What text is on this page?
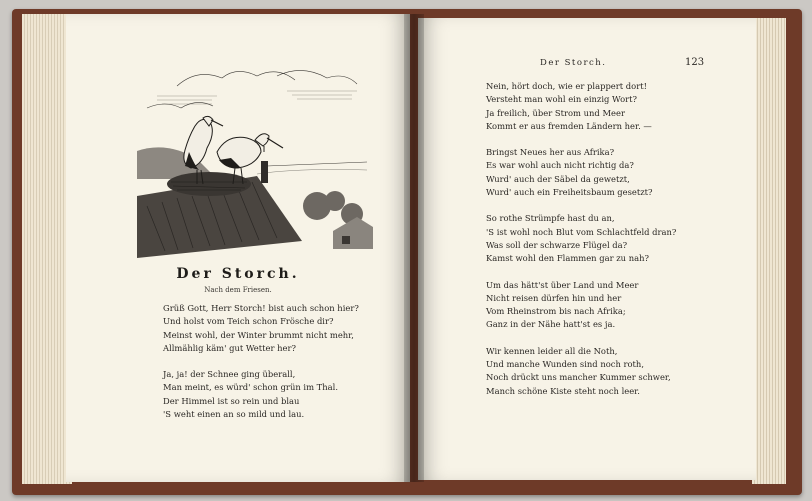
Der Storch.
Nach dem Friesen.
Grüß Gott, Herr Storch! bist auch schon hier?
Und holst vom Teich schon Frösche dir?
Meinst wohl, der Winter brummt nicht mehr,
Allmählig käm' gut Wetter her?
Ja, ja! der Schnee ging überall,
Man meint, es würd' schon grün im Thal.
Der Himmel ist so rein und blau
'S weht einen an so mild und lau.
Der Storch.	123
Nein, hört doch, wie er plappert dort!
Versteht man wohl ein einzig Wort?
Ja freilich, über Strom und Meer
Kommt er aus fremden Ländern her. —
Bringst Neues her aus Afrika?
Es war wohl auch nicht richtig da?
Wurd' auch der Säbel da gewetzt,
Wurd' auch ein Freiheitsbaum gesetzt?
So rothe Strümpfe hast du an,
'S ist wohl noch Blut vom Schlachtfeld dran?
Was soll der schwarze Flügel da?
Kamst wohl den Flammen gar zu nah?
Um das hätt'st über Land und Meer
Nicht reisen dürfen hin und her
Vom Rheinstrom bis nach Afrika;
Ganz in der Nähe hatt'st es ja.
Wir kennen leider all die Noth,
Und manche Wunden sind noch roth,
Noch drückt uns mancher Kummer schwer,
Manch schöne Kiste steht noch leer.
